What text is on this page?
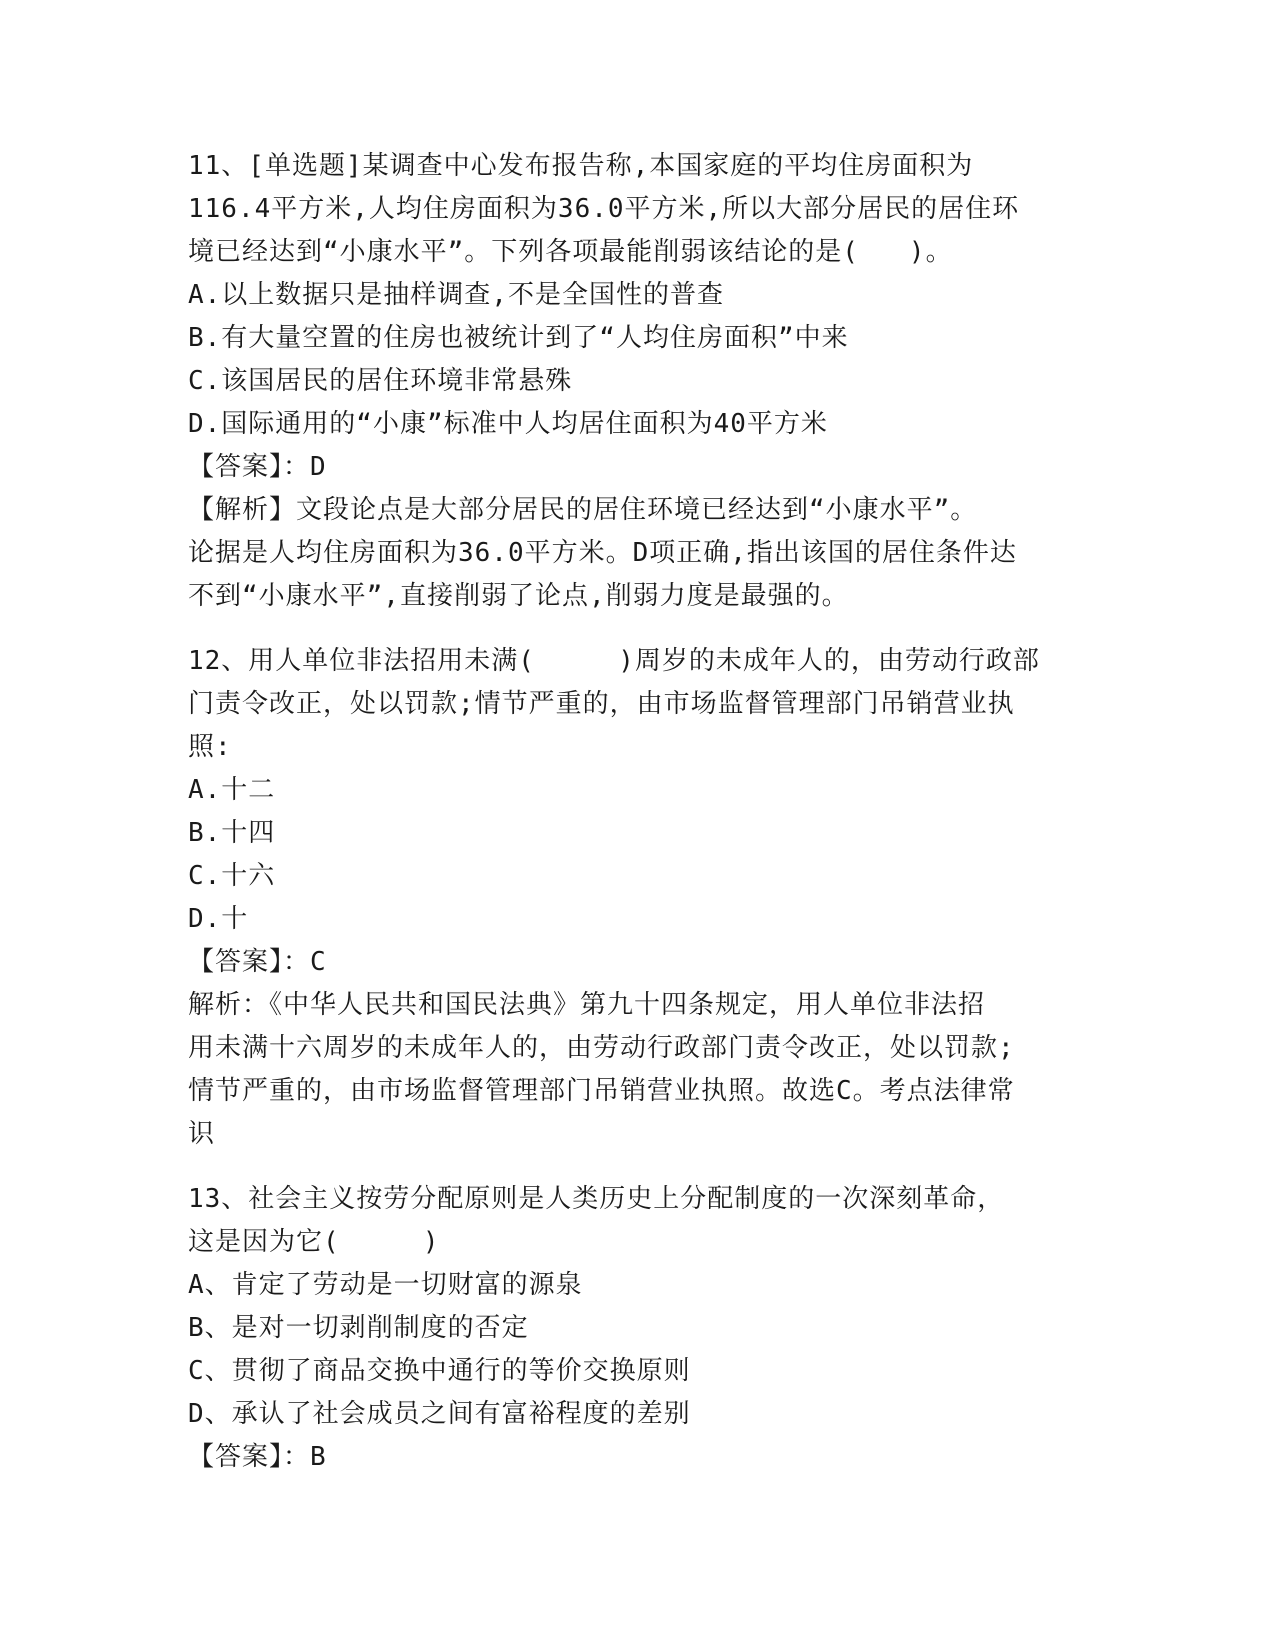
11、[单选题]某调查中心发布报告称,本国家庭的平均住房面积为
116.4平方米,人均住房面积为36.0平方米,所以大部分居民的居住环
境已经达到“小康水平”。下列各项最能削弱该结论的是(   )。
A.以上数据只是抽样调查,不是全国性的普查
B.有大量空置的住房也被统计到了“人均住房面积”中来
C.该国居民的居住环境非常悬殊
D.国际通用的“小康”标准中人均居住面积为40平方米
【答案】：D
【解析】文段论点是大部分居民的居住环境已经达到“小康水平”。
论据是人均住房面积为36.0平方米。D项正确,指出该国的居住条件达
不到“小康水平”,直接削弱了论点,削弱力度是最强的。
12、用人单位非法招用未满(     )周岁的未成年人的，由劳动行政部
门责令改正，处以罚款;情节严重的，由市场监督管理部门吊销营业执
照:
A.十二
B.十四
C.十六
D.十
【答案】：C
解析：《中华人民共和国民法典》第九十四条规定，用人单位非法招
用未满十六周岁的未成年人的，由劳动行政部门责令改正，处以罚款;
情节严重的，由市场监督管理部门吊销营业执照。故选C。考点法律常
识
13、社会主义按劳分配原则是人类历史上分配制度的一次深刻革命，
这是因为它(     )
A、肯定了劳动是一切财富的源泉
B、是对一切剥削制度的否定
C、贯彻了商品交换中通行的等价交换原则
D、承认了社会成员之间有富裕程度的差别
【答案】：B
